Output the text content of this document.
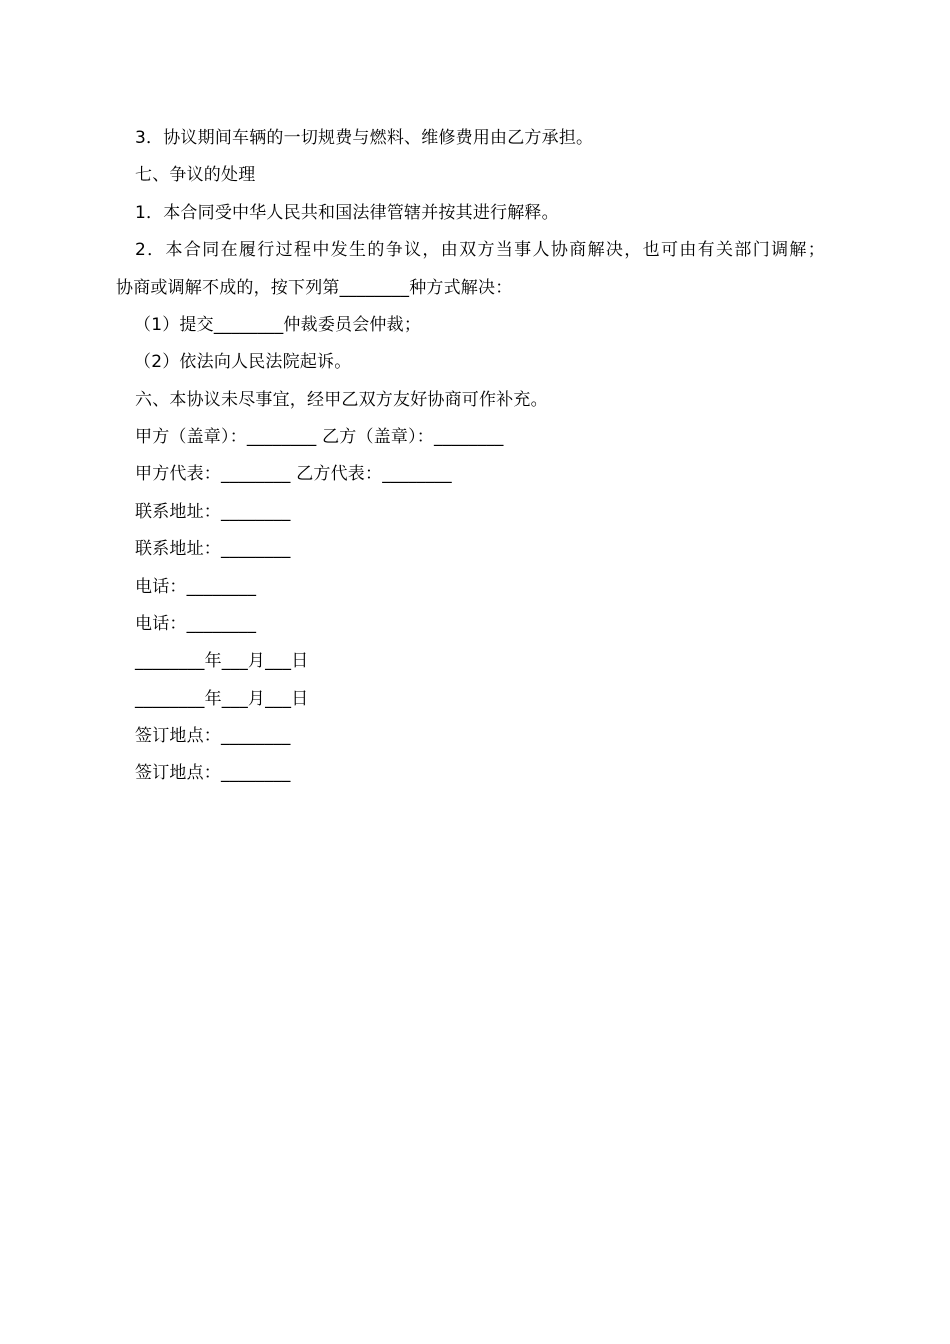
3．协议期间车辆的一切规费与燃料、维修费用由乙方承担。
七、争议的处理
1．本合同受中华人民共和国法律管辖并按其进行解释。
2．本合同在履行过程中发生的争议，由双方当事人协商解决，也可由有关部门调解；
协商或调解不成的，按下列第________种方式解决：
（1）提交________仲裁委员会仲裁；
（2）依法向人民法院起诉。
六、本协议未尽事宜，经甲乙双方友好协商可作补充。
甲方（盖章）：________ 乙方（盖章）：________
甲方代表：________ 乙方代表：________
联系地址：________
联系地址：________
电话：________
电话：________
________年___月___日
________年___月___日
签订地点：________
签订地点：________
